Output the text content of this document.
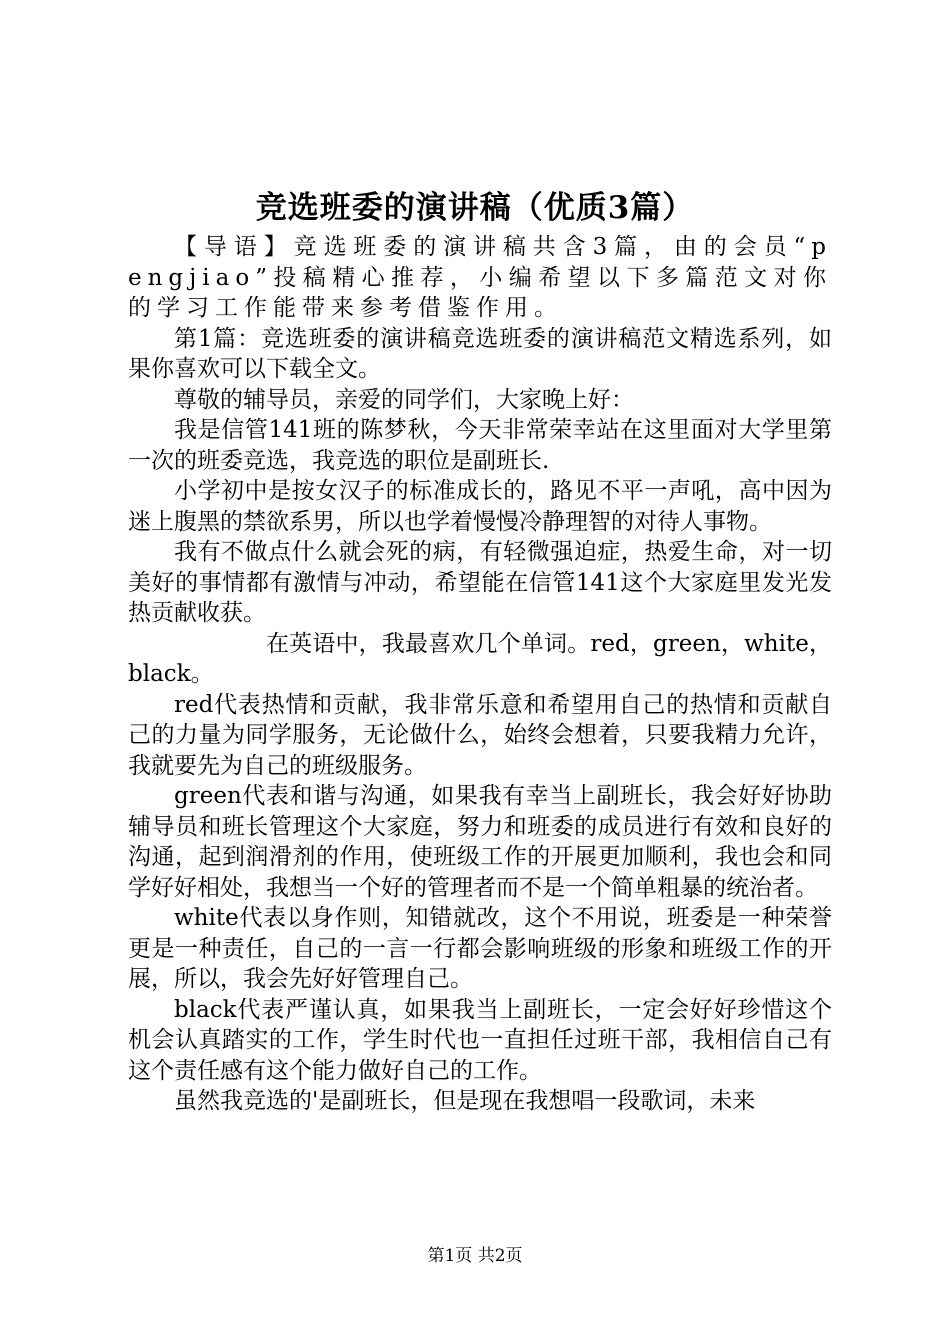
竞选班委的演讲稿（优质3篇）

【导语】竞选班委的演讲稿共含3篇，由的会员“pengjiao”投稿精心推荐，小编希望以下多篇范文对你的学习工作能带来参考借鉴作用。

第1篇：竞选班委的演讲稿竞选班委的演讲稿范文精选系列，如果你喜欢可以下载全文。

尊敬的辅导员，亲爱的同学们，大家晚上好：

我是信管141班的陈梦秋，今天非常荣幸站在这里面对大学里第一次的班委竞选，我竞选的职位是副班长.

小学初中是按女汉子的标准成长的，路见不平一声吼，高中因为迷上腹黑的禁欲系男，所以也学着慢慢冷静理智的对待人事物。

我有不做点什么就会死的病，有轻微强迫症，热爱生命，对一切美好的事情都有激情与冲动，希望能在信管141这个大家庭里发光发热贡献收获。

在英语中，我最喜欢几个单词。red，green，white，black。

red代表热情和贡献，我非常乐意和希望用自己的热情和贡献自己的力量为同学服务，无论做什么，始终会想着，只要我精力允许，我就要先为自己的班级服务。

green代表和谐与沟通，如果我有幸当上副班长，我会好好协助辅导员和班长管理这个大家庭，努力和班委的成员进行有效和良好的沟通，起到润滑剂的作用，使班级工作的开展更加顺利，我也会和同学好好相处，我想当一个好的管理者而不是一个简单粗暴的统治者。

white代表以身作则，知错就改，这个不用说，班委是一种荣誉更是一种责任，自己的一言一行都会影响班级的形象和班级工作的开展，所以，我会先好好管理自己。

black代表严谨认真，如果我当上副班长，一定会好好珍惜这个机会认真踏实的工作，学生时代也一直担任过班干部，我相信自己有这个责任感有这个能力做好自己的工作。

虽然我竞选的'是副班长，但是现在我想唱一段歌词，未来

第1页 共2页
